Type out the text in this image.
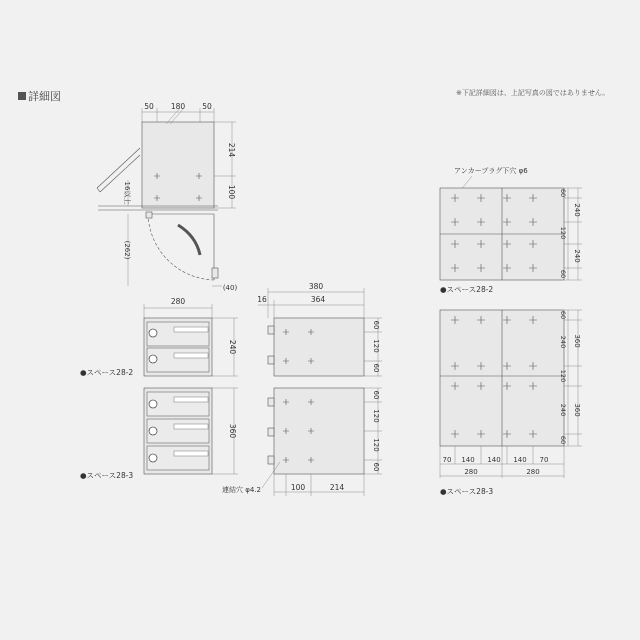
詳細図	※下記詳細図は、上記写真の図ではありません。
50 180 50
214
100
16以上
(262)
(40)
280
240
●スペース28-2
360
●スペース28-3
380
16	364
60
120
60
60
120
120
60
100	214
連結穴 φ4.2
アンカープラグ下穴 φ6
60
240
120
240
60
●スペース28-2
60
360
120
360
60
240
240
70 140 140 140 70
280	280
●スペース28-3
